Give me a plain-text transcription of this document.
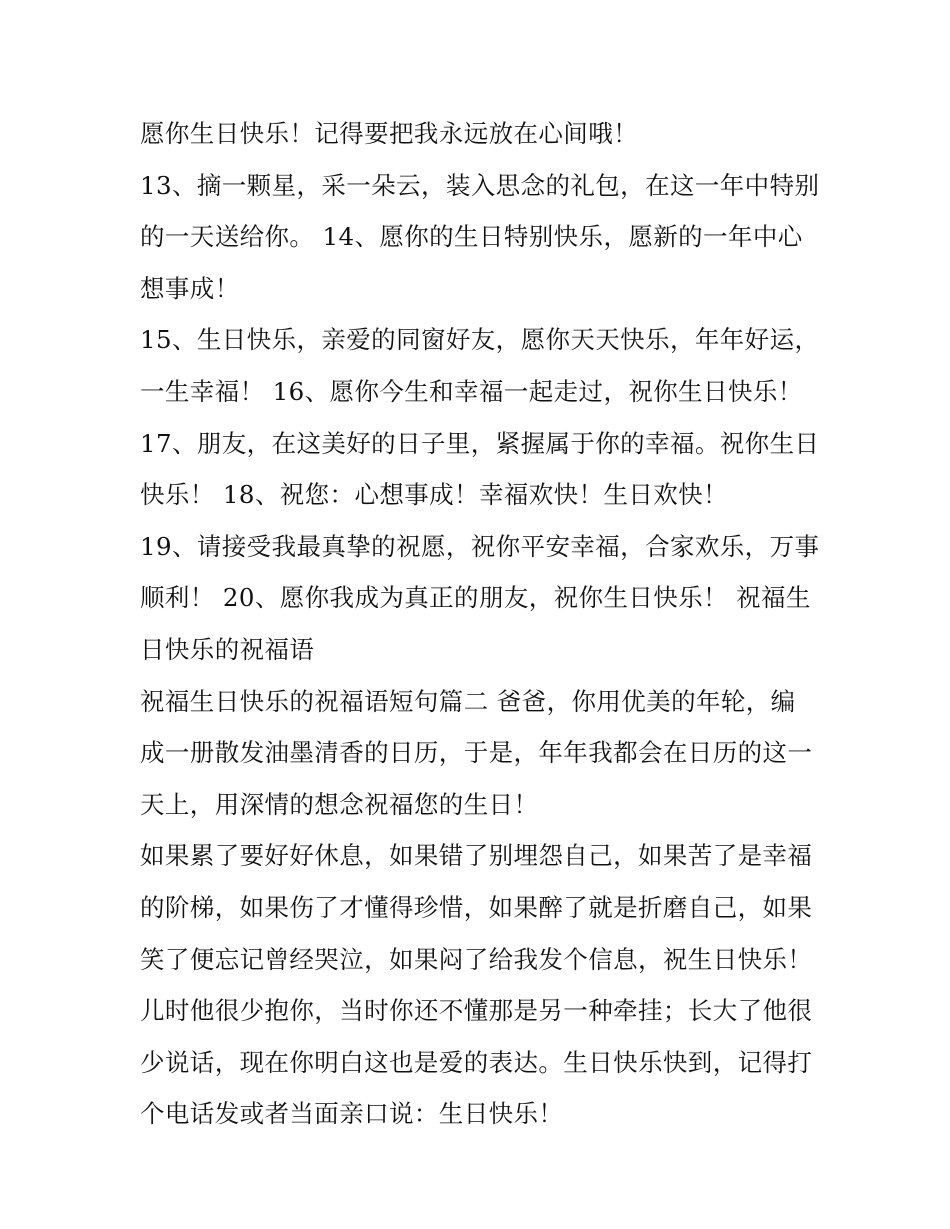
愿你生日快乐！记得要把我永远放在心间哦！
13、摘一颗星，采一朵云，装入思念的礼包，在这一年中特别
的一天送给你。 14、愿你的生日特别快乐，愿新的一年中心
想事成！
15、生日快乐，亲爱的同窗好友，愿你天天快乐，年年好运，
一生幸福！ 16、愿你今生和幸福一起走过，祝你生日快乐！
17、朋友，在这美好的日子里，紧握属于你的幸福。祝你生日
快乐！ 18、祝您：心想事成！幸福欢快！生日欢快！
19、请接受我最真挚的祝愿，祝你平安幸福，合家欢乐，万事
顺利！ 20、愿你我成为真正的朋友，祝你生日快乐！ 祝福生
日快乐的祝福语
祝福生日快乐的祝福语短句篇二 爸爸，你用优美的年轮，编
成一册散发油墨清香的日历，于是，年年我都会在日历的这一
天上，用深情的想念祝福您的生日！
如果累了要好好休息，如果错了别埋怨自己，如果苦了是幸福
的阶梯，如果伤了才懂得珍惜，如果醉了就是折磨自己，如果
笑了便忘记曾经哭泣，如果闷了给我发个信息，祝生日快乐！
儿时他很少抱你，当时你还不懂那是另一种牵挂；长大了他很
少说话，现在你明白这也是爱的表达。生日快乐快到，记得打
个电话发或者当面亲口说：生日快乐！
